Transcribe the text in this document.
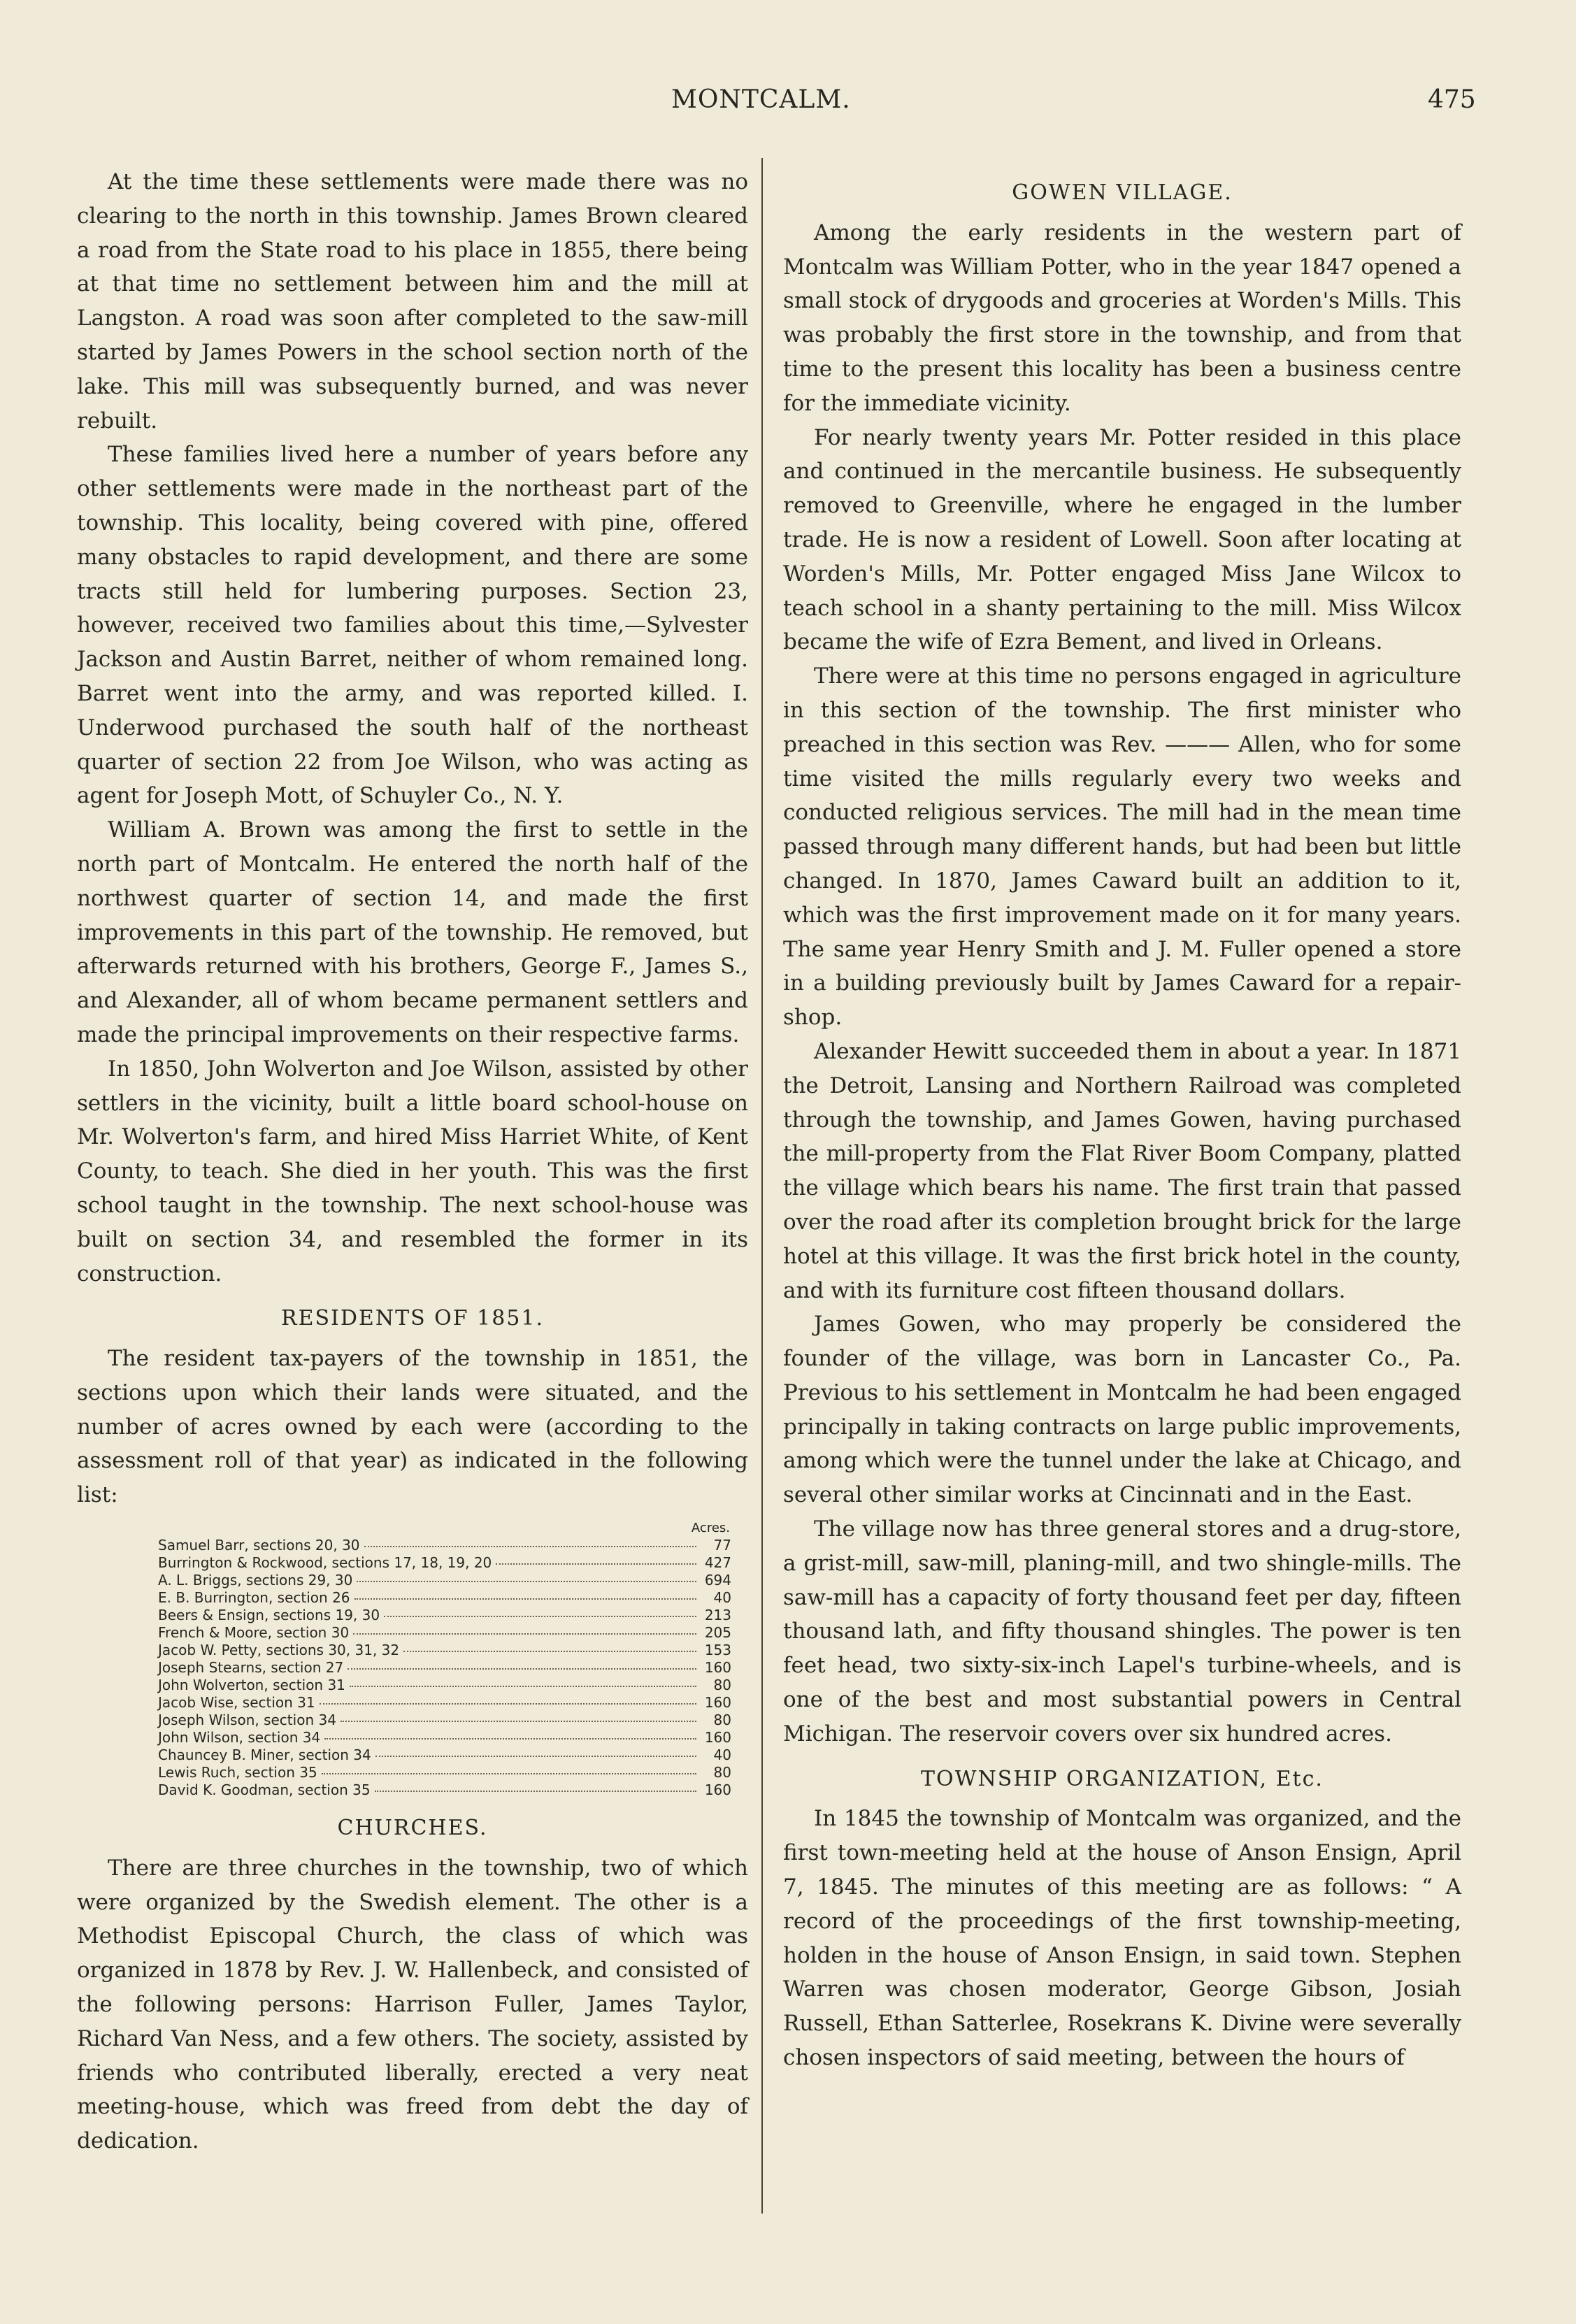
MONTCALM.	475

At the time these settlements were made there was no clearing to the north in this township. James Brown cleared a road from the State road to his place in 1855, there being at that time no settlement between him and the mill at Langston. A road was soon after completed to the saw-mill started by James Powers in the school section north of the lake. This mill was subsequently burned, and was never rebuilt.

These families lived here a number of years before any other settlements were made in the northeast part of the township. This locality, being covered with pine, offered many obstacles to rapid development, and there are some tracts still held for lumbering purposes. Section 23, however, received two families about this time,—Sylvester Jackson and Austin Barret, neither of whom remained long. Barret went into the army, and was reported killed. I. Underwood purchased the south half of the northeast quarter of section 22 from Joe Wilson, who was acting as agent for Joseph Mott, of Schuyler Co., N. Y.

William A. Brown was among the first to settle in the north part of Montcalm. He entered the north half of the northwest quarter of section 14, and made the first improvements in this part of the township. He removed, but afterwards returned with his brothers, George F., James S., and Alexander, all of whom became permanent settlers and made the principal improvements on their respective farms.

In 1850, John Wolverton and Joe Wilson, assisted by other settlers in the vicinity, built a little board school-house on Mr. Wolverton's farm, and hired Miss Harriet White, of Kent County, to teach. She died in her youth. This was the first school taught in the township. The next school-house was built on section 34, and resembled the former in its construction.

RESIDENTS OF 1851.

The resident tax-payers of the township in 1851, the sections upon which their lands were situated, and the number of acres owned by each were (according to the assessment roll of that year) as indicated in the following list:

Acres.
Samuel Barr, sections 20, 30	77
Burrington & Rockwood, sections 17, 18, 19, 20	427
A. L. Briggs, sections 29, 30	694
E. B. Burrington, section 26	40
Beers & Ensign, sections 19, 30	213
French & Moore, section 30	205
Jacob W. Petty, sections 30, 31, 32	153
Joseph Stearns, section 27	160
John Wolverton, section 31	80
Jacob Wise, section 31	160
Joseph Wilson, section 34	80
John Wilson, section 34	160
Chauncey B. Miner, section 34	40
Lewis Ruch, section 35	80
David K. Goodman, section 35	160
CHURCHES.

There are three churches in the township, two of which were organized by the Swedish element. The other is a Methodist Episcopal Church, the class of which was organized in 1878 by Rev. J. W. Hallenbeck, and consisted of the following persons: Harrison Fuller, James Taylor, Richard Van Ness, and a few others. The society, assisted by friends who contributed liberally, erected a very neat meeting-house, which was freed from debt the day of dedication.

GOWEN VILLAGE.

Among the early residents in the western part of Montcalm was William Potter, who in the year 1847 opened a small stock of drygoods and groceries at Worden's Mills. This was probably the first store in the township, and from that time to the present this locality has been a business centre for the immediate vicinity.

For nearly twenty years Mr. Potter resided in this place and continued in the mercantile business. He subsequently removed to Greenville, where he engaged in the lumber trade. He is now a resident of Lowell. Soon after locating at Worden's Mills, Mr. Potter engaged Miss Jane Wilcox to teach school in a shanty pertaining to the mill. Miss Wilcox became the wife of Ezra Bement, and lived in Orleans.

There were at this time no persons engaged in agriculture in this section of the township. The first minister who preached in this section was Rev. ——— Allen, who for some time visited the mills regularly every two weeks and conducted religious services. The mill had in the mean time passed through many different hands, but had been but little changed. In 1870, James Caward built an addition to it, which was the first improvement made on it for many years. The same year Henry Smith and J. M. Fuller opened a store in a building previously built by James Caward for a repair-shop.

Alexander Hewitt succeeded them in about a year. In 1871 the Detroit, Lansing and Northern Railroad was completed through the township, and James Gowen, having purchased the mill-property from the Flat River Boom Company, platted the village which bears his name. The first train that passed over the road after its completion brought brick for the large hotel at this village. It was the first brick hotel in the county, and with its furniture cost fifteen thousand dollars.

James Gowen, who may properly be considered the founder of the village, was born in Lancaster Co., Pa. Previous to his settlement in Montcalm he had been engaged principally in taking contracts on large public improvements, among which were the tunnel under the lake at Chicago, and several other similar works at Cincinnati and in the East.

The village now has three general stores and a drug-store, a grist-mill, saw-mill, planing-mill, and two shingle-mills. The saw-mill has a capacity of forty thousand feet per day, fifteen thousand lath, and fifty thousand shingles. The power is ten feet head, two sixty-six-inch Lapel's turbine-wheels, and is one of the best and most substantial powers in Central Michigan. The reservoir covers over six hundred acres.

TOWNSHIP ORGANIZATION, Etc.

In 1845 the township of Montcalm was organized, and the first town-meeting held at the house of Anson Ensign, April 7, 1845. The minutes of this meeting are as follows: “ A record of the proceedings of the first township-meeting, holden in the house of Anson Ensign, in said town. Stephen Warren was chosen moderator, George Gibson, Josiah Russell, Ethan Satterlee, Rosekrans K. Divine were severally chosen inspectors of said meeting, between the hours of
